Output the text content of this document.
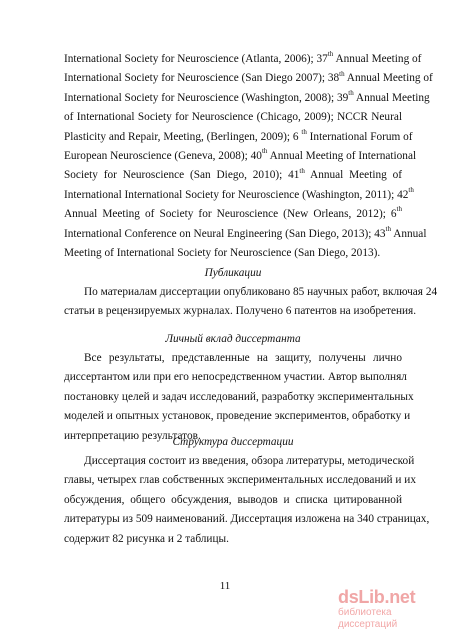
International Society for Neuroscience (Atlanta, 2006); 37th Annual Meeting of
International Society for Neuroscience (San Diego 2007); 38th Annual Meeting of
International Society for Neuroscience (Washington, 2008); 39th Annual Meeting
of International Society for Neuroscience (Chicago, 2009); NCCR Neural
Plasticity and Repair, Meeting, (Berlingen, 2009); 6 $^{th}$ International Forum of
European Neuroscience (Geneva, 2008); 40th Annual Meeting of International
Society for Neuroscience (San Diego, 2010); 41th Annual Meeting of
International International Society for Neuroscience (Washington, 2011); 42th
Annual Meeting of Society for Neuroscience (New Orleans, 2012); 6th
International Conference on Neural Engineering (San Diego, 2013); 43th Annual
Meeting of International Society for Neuroscience (San Diego, 2013).
Публикации
По материалам диссертации опубликовано 85 научных работ, включая 24
статьи в рецензируемых журналах. Получено 6 патентов на изобретения.
Личный вклад диссертанта
Все результаты, представленные на защиту, получены лично
диссертантом или при его непосредственном участии. Автор выполнял
постановку целей и задач исследований, разработку экспериментальных
моделей и опытных установок, проведение экспериментов, обработку и
интерпретацию результатов.
Структура диссертации
Диссертация состоит из введения, обзора литературы, методической
главы, четырех глав собственных экспериментальных исследований и их
обсуждения, общего обсуждения, выводов и списка цитированной
литературы из 509 наименований. Диссертация изложена на 340 страницах,
содержит 82 рисунка и 2 таблицы.
11
dsLib.net
библиотека диссертаций
